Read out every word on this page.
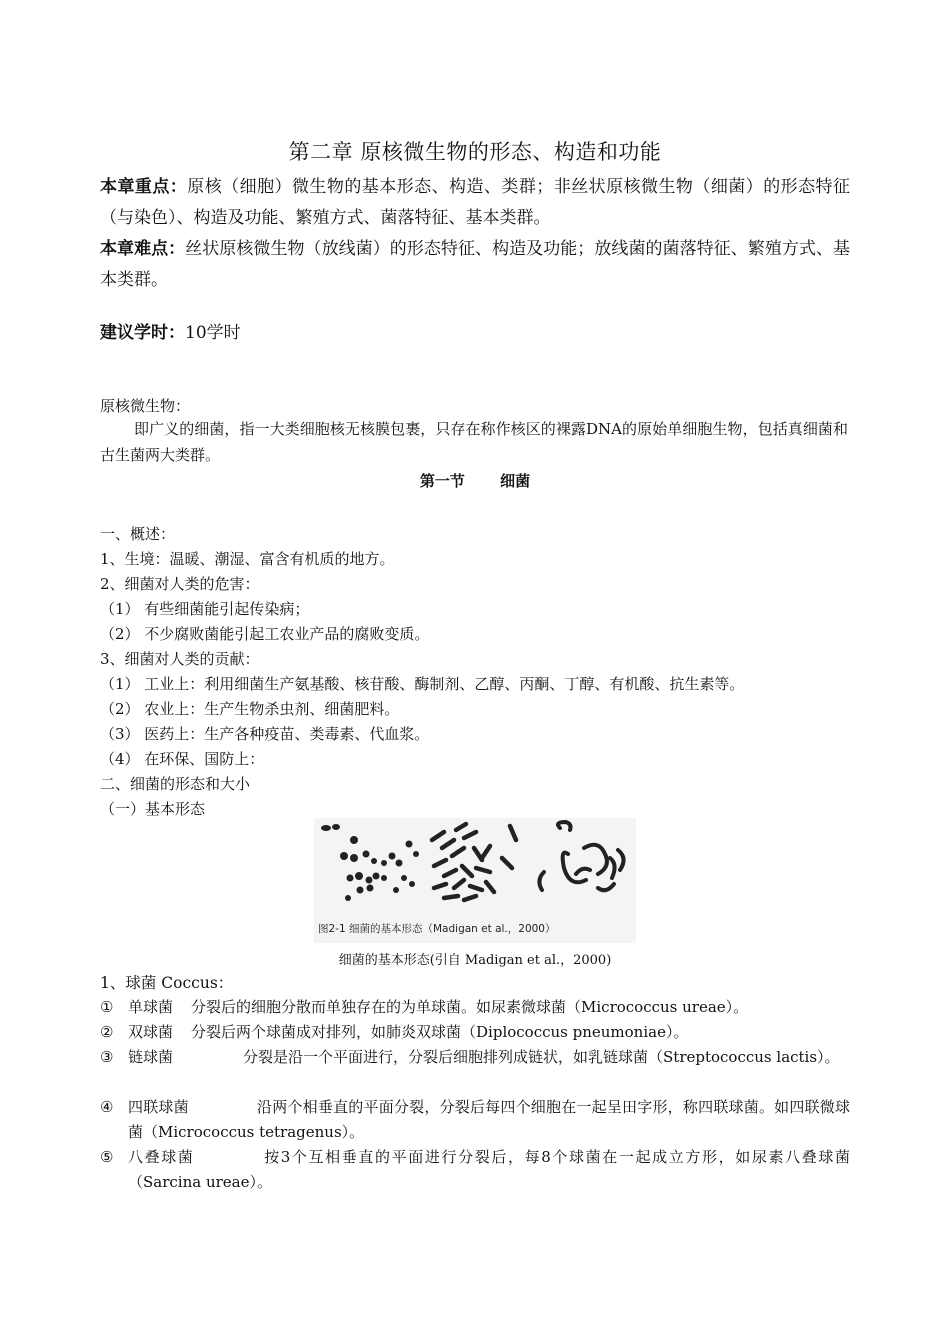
第二章 原核微生物的形态、构造和功能
本章重点：原核（细胞）微生物的基本形态、构造、类群；非丝状原核微生物（细菌）的形态特征（与染色）、构造及功能、繁殖方式、菌落特征、基本类群。
本章难点：丝状原核微生物（放线菌）的形态特征、构造及功能；放线菌的菌落特征、繁殖方式、基本类群。
建议学时：10学时
原核微生物：
即广义的细菌，指一大类细胞核无核膜包裹，只存在称作核区的裸露DNA的原始单细胞生物，包括真细菌和古生菌两大类群。
第一节 细菌
一、概述：
1、生境：温暖、潮湿、富含有机质的地方。
2、细菌对人类的危害：
（1） 有些细菌能引起传染病；
（2） 不少腐败菌能引起工农业产品的腐败变质。
3、细菌对人类的贡献：
（1） 工业上：利用细菌生产氨基酸、核苷酸、酶制剂、乙醇、丙酮、丁醇、有机酸、抗生素等。
（2） 农业上：生产生物杀虫剂、细菌肥料。
（3） 医药上：生产各种疫苗、类毒素、代血浆。
（4） 在环保、国防上：
二、细菌的形态和大小
（一）基本形态
图2-1 细菌的基本形态（Madigan et al.，2000）
细菌的基本形态(引自 Madigan et al.，2000)
1、球菌 Coccus：
① 单球菌 分裂后的细胞分散而单独存在的为单球菌。如尿素微球菌（Micrococcus ureae）。
② 双球菌 分裂后两个球菌成对排列，如肺炎双球菌（Diplococcus pneumoniae）。
③ 链球菌	分裂是沿一个平面进行，分裂后细胞排列成链状，如乳链球菌（Streptococcus lactis）。
④ 四联球菌	沿两个相垂直的平面分裂，分裂后每四个细胞在一起呈田字形，称四联球菌。如四联微球菌（Micrococcus tetragenus）。
⑤ 八叠球菌	按3个互相垂直的平面进行分裂后，每8个球菌在一起成立方形，如尿素八叠球菌（Sarcina ureae）。
